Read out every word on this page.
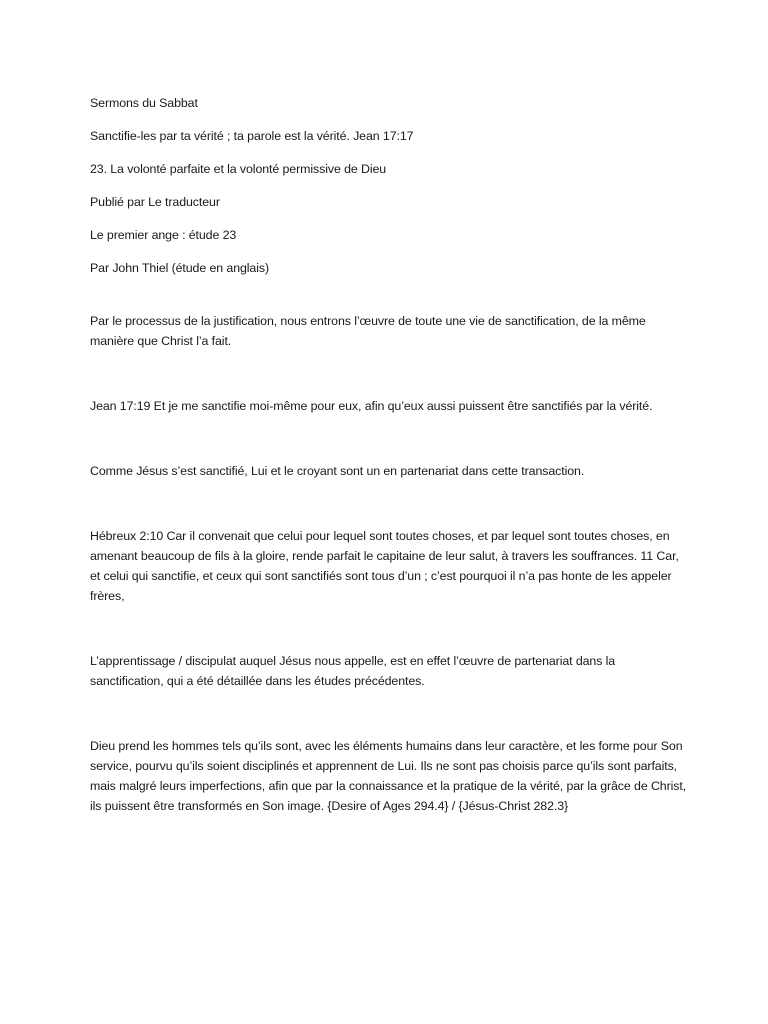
Sermons du Sabbat

Sanctifie-les par ta vérité ; ta parole est la vérité. Jean 17:17

23. La volonté parfaite et la volonté permissive de Dieu

Publié par Le traducteur

Le premier ange : étude 23

Par John Thiel (étude en anglais)

Par le processus de la justification, nous entrons l’œuvre de toute une vie de sanctification, de la même manière que Christ l’a fait.

Jean 17:19 Et je me sanctifie moi-même pour eux, afin qu’eux aussi puissent être sanctifiés par la vérité.

Comme Jésus s’est sanctifié, Lui et le croyant sont un en partenariat dans cette transaction.

Hébreux 2:10 Car il convenait que celui pour lequel sont toutes choses, et par lequel sont toutes choses, en amenant beaucoup de fils à la gloire, rende parfait le capitaine de leur salut, à travers les souffrances. 11 Car, et celui qui sanctifie, et ceux qui sont sanctifiés sont tous d’un ; c’est pourquoi il n’a pas honte de les appeler frères,

L’apprentissage / discipulat auquel Jésus nous appelle, est en effet l’œuvre de partenariat dans la sanctification, qui a été détaillée dans les études précédentes.

Dieu prend les hommes tels qu’ils sont, avec les éléments humains dans leur caractère, et les forme pour Son service, pourvu qu’ils soient disciplinés et apprennent de Lui. Ils ne sont pas choisis parce qu’ils sont parfaits, mais malgré leurs imperfections, afin que par la connaissance et la pratique de la vérité, par la grâce de Christ, ils puissent être transformés en Son image. {Desire of Ages 294.4} / {Jésus-Christ 282.3}
